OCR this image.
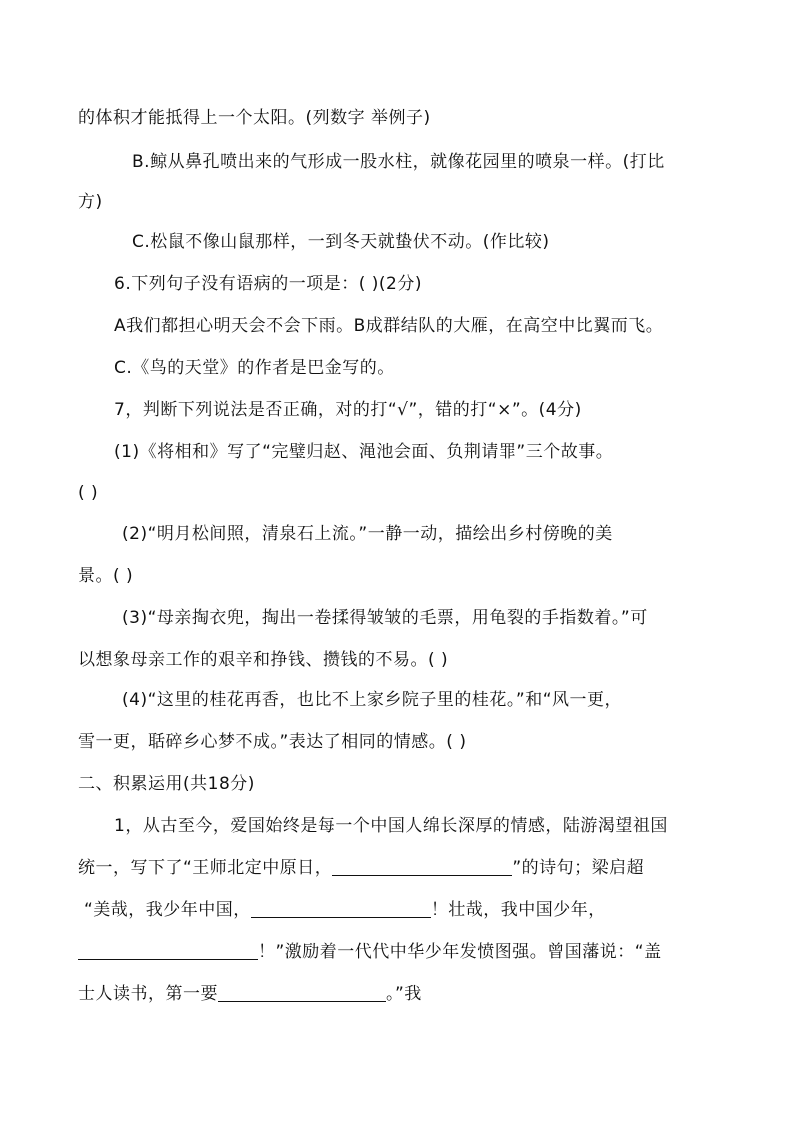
的体积才能抵得上一个太阳。(列数字 举例子)
B.鲸从鼻孔喷出来的气形成一股水柱，就像花园里的喷泉一样。(打比
方)
C.松鼠不像山鼠那样，一到冬天就蛰伏不动。(作比较)
6.下列句子没有语病的一项是：( )(2分)
A我们都担心明天会不会下雨。B成群结队的大雁，在高空中比翼而飞。
C.《鸟的天堂》的作者是巴金写的。
7，判断下列说法是否正确，对的打“√”，错的打“×”。(4分)
(1)《将相和》写了“完璧归赵、渑池会面、负荆请罪”三个故事。
( )
(2)“明月松间照，清泉石上流。”一静一动，描绘出乡村傍晚的美
景。( )
(3)“母亲掏衣兜，掏出一卷揉得皱皱的毛票，用龟裂的手指数着。”可
以想象母亲工作的艰辛和挣钱、攒钱的不易。( )
(4)“这里的桂花再香，也比不上家乡院子里的桂花。”和“风一更，
雪一更，聒碎乡心梦不成。”表达了相同的情感。( )
二、积累运用(共18分)
1，从古至今，爱国始终是每一个中国人绵长深厚的情感，陆游渴望祖国
统一，写下了“王师北定中原日，	”的诗句；梁启超
“美哉，我少年中国，	！壮哉，我中国少年，
！”激励着一代代中华少年发愤图强。曾国藩说：“盖
士人读书，第一要	。”我
